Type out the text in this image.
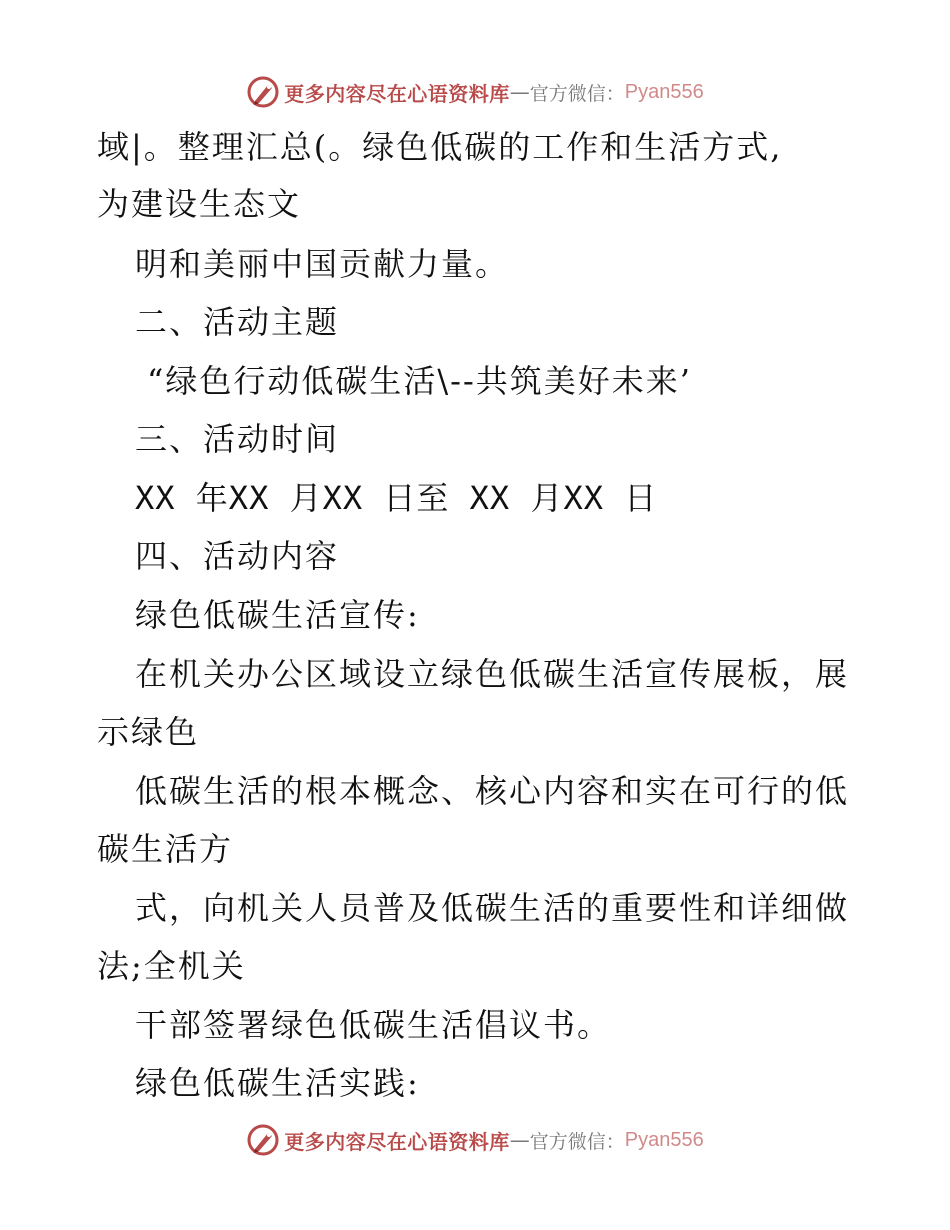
更多内容尽在心语资料库 — 官方微信： Pyan556
域|。整理汇总(。绿色低碳的工作和生活方式,
为建设生态文
明和美丽中国贡献力量。
二、活动主题
“绿色行动低碳生活\--共筑美好未来’
三、活动时间
XX 年XX 月XX 日至 XX 月XX 日
四、活动内容
绿色低碳生活宣传:
在机关办公区域设立绿色低碳生活宣传展板，展
示绿色
低碳生活的根本概念、核心内容和实在可行的低
碳生活方
式，向机关人员普及低碳生活的重要性和详细做
法;全机关
干部签署绿色低碳生活倡议书。
绿色低碳生活实践:
更多内容尽在心语资料库 — 官方微信： Pyan556
